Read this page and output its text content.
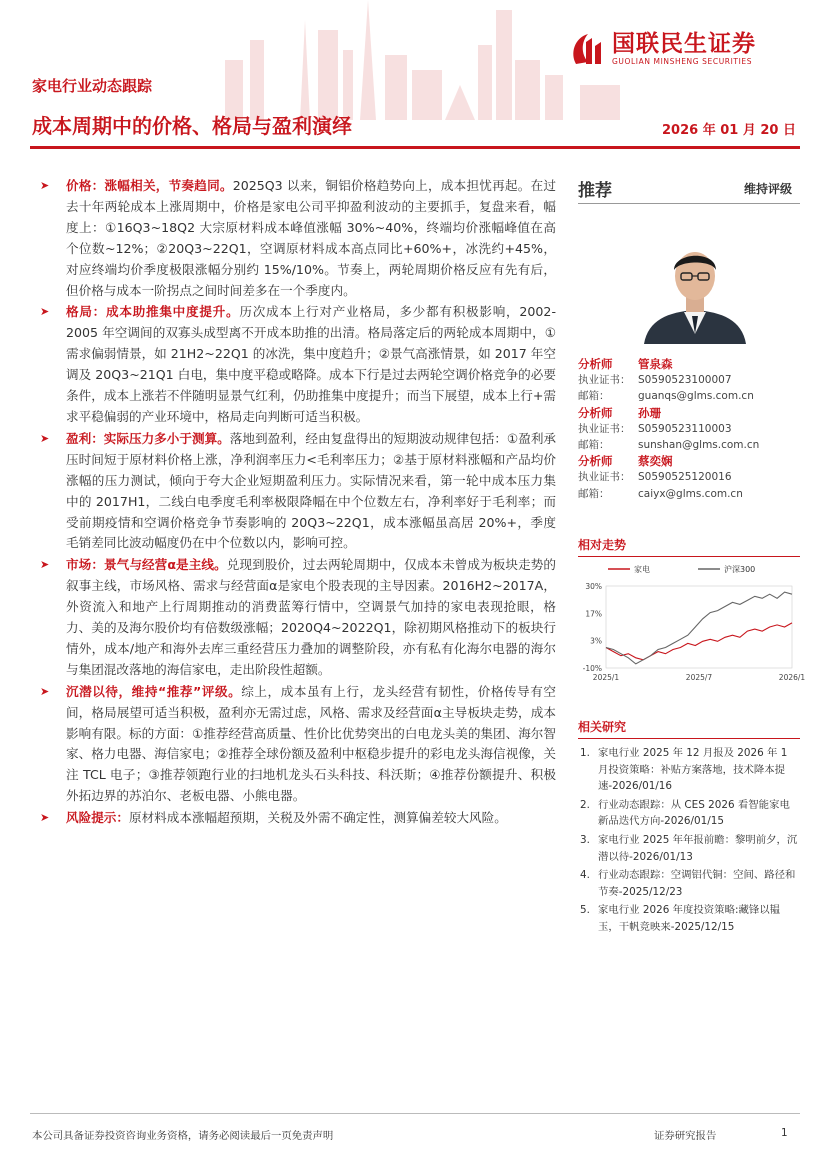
国联民生证券
GUOLIAN MINSHENG SECURITIES
家电行业动态跟踪
成本周期中的价格、格局与盈利演绎	2026 年 01 月 20 日

➤ 价格：涨幅相关，节奏趋同。2025Q3 以来，铜铝价格趋势向上，成本担忧再起。在过去十年两轮成本上涨周期中，价格是家电公司平抑盈利波动的主要抓手，复盘来看，幅度上：①16Q3~18Q2 大宗原材料成本峰值涨幅 30%~40%，终端均价涨幅峰值在高个位数~12%；②20Q3~22Q1，空调原材料成本高点同比+60%+，冰洗约+45%，对应终端均价季度极限涨幅分别约 15%/10%。节奏上，两轮周期价格反应有先有后，但价格与成本一阶拐点之间时间差多在一个季度内。

➤ 格局：成本助推集中度提升。历次成本上行对产业格局，多少都有积极影响，2002-2005 年空调间的双寡头成型离不开成本助推的出清。格局落定后的两轮成本周期中，①需求偏弱情景，如 21H2~22Q1 的冰洗，集中度趋升；②景气高涨情景，如 2017 年空调及 20Q3~21Q1 白电，集中度平稳或略降。成本下行是过去两轮空调价格竞争的必要条件，成本上涨若不伴随明显景气红利，仍助推集中度提升；而当下展望，成本上行+需求平稳偏弱的产业环境中，格局走向判断可适当积极。

➤ 盈利：实际压力多小于测算。落地到盈利，经由复盘得出的短期波动规律包括：①盈利承压时间短于原材料价格上涨，净利润率压力<毛利率压力；②基于原材料涨幅和产品均价涨幅的压力测试，倾向于夸大企业短期盈利压力。实际情况来看，第一轮中成本压力集中的 2017H1，二线白电季度毛利率极限降幅在中个位数左右，净利率好于毛利率；而受前期疫情和空调价格竞争节奏影响的 20Q3~22Q1，成本涨幅虽高居 20%+，季度毛销差同比波动幅度仍在中个位数以内，影响可控。

➤ 市场：景气与经营α是主线。兑现到股价，过去两轮周期中，仅成本未曾成为板块走势的叙事主线，市场风格、需求与经营面α是家电个股表现的主导因素。2016H2~2017A，外资流入和地产上行周期推动的消费蓝筹行情中，空调景气加持的家电表现抢眼，格力、美的及海尔股价均有倍数级涨幅；2020Q4~2022Q1，除初期风格推动下的板块行情外，成本/地产和海外去库三重经营压力叠加的调整阶段，亦有私有化海尔电器的海尔与集团混改落地的海信家电，走出阶段性超额。

➤ 沉潜以待，维持“推荐”评级。综上，成本虽有上行，龙头经营有韧性，价格传导有空间，格局展望可适当积极，盈利亦无需过虑，风格、需求及经营面α主导板块走势，成本影响有限。标的方面：①推荐经营高质量、性价比优势突出的白电龙头美的集团、海尔智家、格力电器、海信家电；②推荐全球份额及盈利中枢稳步提升的彩电龙头海信视像，关注 TCL 电子；③推荐领跑行业的扫地机龙头石头科技、科沃斯；④推荐份额提升、积极外拓边界的苏泊尔、老板电器、小熊电器。

➤ 风险提示：原材料成本涨幅超预期，关税及外需不确定性，测算偏差较大风险。

推荐	维持评级
分析师	管泉森
执业证书： S0590523100007
邮箱：	guanqs@glms.com.cn
分析师	孙珊
执业证书： S0590523110003
邮箱：	sunshan@glms.com.cn
分析师	蔡奕娴
执业证书： S0590525120016
邮箱：	caiyx@glms.com.cn
相对走势
30%
17%
3%
-10%
2025/1	2025/7	2026/1
家电	沪深300
相关研究
1. 家电行业 2025 年 12 月报及 2026 年 1 月投资策略：补贴方案落地，技术降本提速-2026/01/16
2. 行业动态跟踪：从 CES 2026 看智能家电新品迭代方向-2026/01/15
3. 家电行业 2025 年年报前瞻：黎明前夕，沉潜以待-2026/01/13
4. 行业动态跟踪：空调铝代铜：空间、路径和节奏-2025/12/23
5. 家电行业 2026 年度投资策略:藏锋以韫玉，干帆竞映来-2025/12/15
本公司具备证券投资咨询业务资格，请务必阅读最后一页免责声明	证券研究报告	1
